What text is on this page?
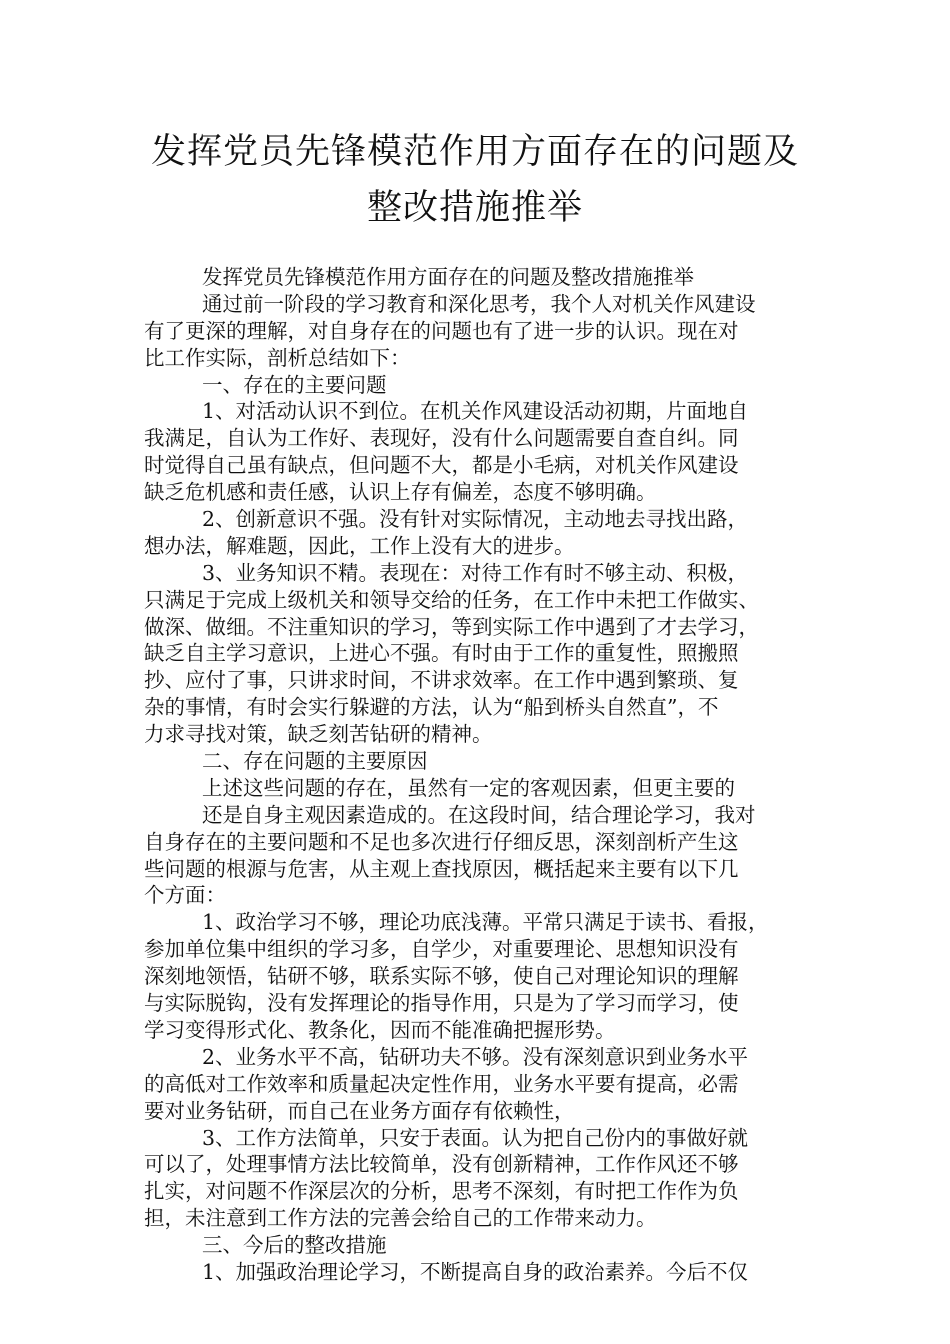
发挥党员先锋模范作用方面存在的问题及
整改措施推举
发挥党员先锋模范作用方面存在的问题及整改措施推举
通过前一阶段的学习教育和深化思考，我个人对机关作风建设
有了更深的理解，对自身存在的问题也有了进一步的认识。现在对
比工作实际，剖析总结如下：
一、存在的主要问题
1、对活动认识不到位。在机关作风建设活动初期，片面地自
我满足，自认为工作好、表现好，没有什么问题需要自查自纠。同
时觉得自己虽有缺点，但问题不大，都是小毛病，对机关作风建设
缺乏危机感和责任感，认识上存有偏差，态度不够明确。
2、创新意识不强。没有针对实际情况，主动地去寻找出路，
想办法，解难题，因此，工作上没有大的进步。
3、业务知识不精。表现在：对待工作有时不够主动、积极，
只满足于完成上级机关和领导交给的任务，在工作中未把工作做实、
做深、做细。不注重知识的学习，等到实际工作中遇到了才去学习，
缺乏自主学习意识，上进心不强。有时由于工作的重复性，照搬照
抄、应付了事，只讲求时间，不讲求效率。在工作中遇到繁琐、复
杂的事情，有时会实行躲避的方法，认为“船到桥头自然直”，不
力求寻找对策，缺乏刻苦钻研的精神。
二、存在问题的主要原因
上述这些问题的存在，虽然有一定的客观因素，但更主要的
还是自身主观因素造成的。在这段时间，结合理论学习，我对
自身存在的主要问题和不足也多次进行仔细反思，深刻剖析产生这
些问题的根源与危害，从主观上查找原因，概括起来主要有以下几
个方面：
1、政治学习不够，理论功底浅薄。平常只满足于读书、看报，
参加单位集中组织的学习多，自学少，对重要理论、思想知识没有
深刻地领悟，钻研不够，联系实际不够，使自己对理论知识的理解
与实际脱钩，没有发挥理论的指导作用，只是为了学习而学习，使
学习变得形式化、教条化，因而不能准确把握形势。
2、业务水平不高，钻研功夫不够。没有深刻意识到业务水平
的高低对工作效率和质量起决定性作用，业务水平要有提高，必需
要对业务钻研，而自己在业务方面存有依赖性，
3、工作方法简单，只安于表面。认为把自己份内的事做好就
可以了，处理事情方法比较简单，没有创新精神，工作作风还不够
扎实，对问题不作深层次的分析，思考不深刻，有时把工作作为负
担，未注意到工作方法的完善会给自己的工作带来动力。
三、今后的整改措施
1、加强政治理论学习，不断提高自身的政治素养。今后不仅
